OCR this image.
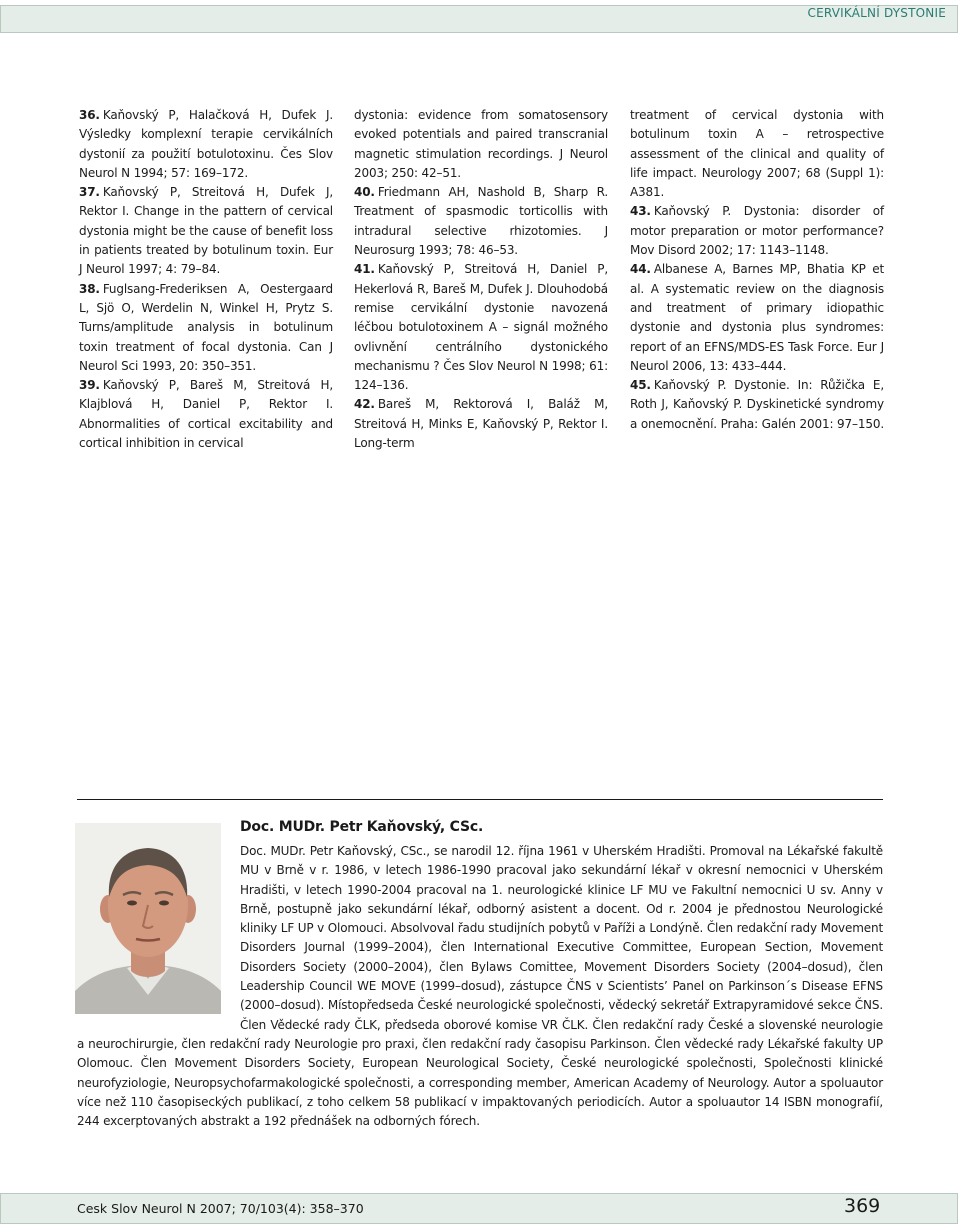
CERVIKÁLNÍ DYSTONIE

36. Kaňovský P, Halačková H, Dufek J. Výsledky komplexní terapie cervikálních dystonií za použití botulotoxinu. Čes Slov Neurol N 1994; 57: 169–172.

37. Kaňovský P, Streitová H, Dufek J, Rektor I. Change in the pattern of cervical dystonia might be the cause of benefit loss in patients treated by botulinum toxin. Eur J Neurol 1997; 4: 79–84.

38. Fuglsang-Frederiksen A, Oestergaard L, Sjö O, Werdelin N, Winkel H, Prytz S. Turns/amplitude analysis in botulinum toxin treatment of focal dystonia. Can J Neurol Sci 1993, 20: 350–351.

39. Kaňovský P, Bareš M, Streitová H, Klajblová H, Daniel P, Rektor I. Abnormalities of cortical excitability and cortical inhibition in cervical

dystonia: evidence from somatosensory evoked potentials and paired transcranial magnetic stimulation recordings. J Neurol 2003; 250: 42–51.

40. Friedmann AH, Nashold B, Sharp R. Treatment of spasmodic torticollis with intradural selective rhizotomies. J Neurosurg 1993; 78: 46–53.

41. Kaňovský P, Streitová H, Daniel P, Hekerlová R, Bareš M, Dufek J. Dlouhodobá remise cervikální dystonie navozená léčbou botulotoxinem A – signál možného ovlivnění centrálního dystonického mechanismu ? Čes Slov Neurol N 1998; 61: 124–136.

42. Bareš M, Rektorová I, Baláž M, Streitová H, Minks E, Kaňovský P, Rektor I. Long-term

treatment of cervical dystonia with botulinum toxin A – retrospective assessment of the clinical and quality of life impact. Neurology 2007; 68 (Suppl 1): A381.

43. Kaňovský P. Dystonia: disorder of motor preparation or motor performance? Mov Disord 2002; 17: 1143–1148.

44. Albanese A, Barnes MP, Bhatia KP et al. A systematic review on the diagnosis and treatment of primary idiopathic dystonie and dystonia plus syndromes: report of an EFNS/MDS-ES Task Force. Eur J Neurol 2006, 13: 433–444.

45. Kaňovský P. Dystonie. In: Růžička E, Roth J, Kaňovský P. Dyskinetické syndromy a onemocnění. Praha: Galén 2001: 97–150.

Doc. MUDr. Petr Kaňovský, CSc.
Doc. MUDr. Petr Kaňovský, CSc., se narodil 12. října 1961 v Uherském Hradišti. Promoval na Lékařské fakultě MU v Brně v r. 1986, v letech 1986-1990 pracoval jako sekundární lékař v okresní nemocnici v Uherském Hradišti, v letech 1990-2004 pracoval na 1. neurologické klinice LF MU ve Fakultní nemocnici U sv. Anny v Brně, postupně jako sekundární lékař, odborný asistent a docent. Od r. 2004 je přednostou Neurologické kliniky LF UP v Olomouci. Absolvoval řadu studijních pobytů v Paříži a Londýně. Člen redakční rady Movement Disorders Journal (1999–2004), člen International Executive Committee, European Section, Movement Disorders Society (2000–2004), člen Bylaws Comittee, Movement Disorders Society (2004–dosud), člen Leadership Council WE MOVE (1999–dosud), zástupce ČNS v Scientists’ Panel on Parkinson´s Disease EFNS (2000–dosud). Místopředseda České neurologické společnosti, vědecký sekretář Extrapyramidové sekce ČNS. Člen Vědecké rady ČLK, předseda oborové komise VR ČLK. Člen redakční rady České a slovenské neurologie a neurochirurgie, člen redakční rady Neurologie pro praxi, člen redakční rady časopisu Parkinson. Člen vědecké rady Lékařské fakulty UP Olomouc. Člen Movement Disorders Society, European Neurological Society, České neurologické společnosti, Společnosti klinické neurofyziologie, Neuropsychofarmakologické společnosti, a corresponding member, American Academy of Neurology. Autor a spoluautor více než 110 časopiseckých publikací, z toho celkem 58 publikací v impaktovaných periodicích. Autor a spoluautor 14 ISBN monografií, 244 excerptovaných abstrakt a 192 přednášek na odborných fórech.
Cesk Slov Neurol N 2007; 70/103(4): 358–370	369
